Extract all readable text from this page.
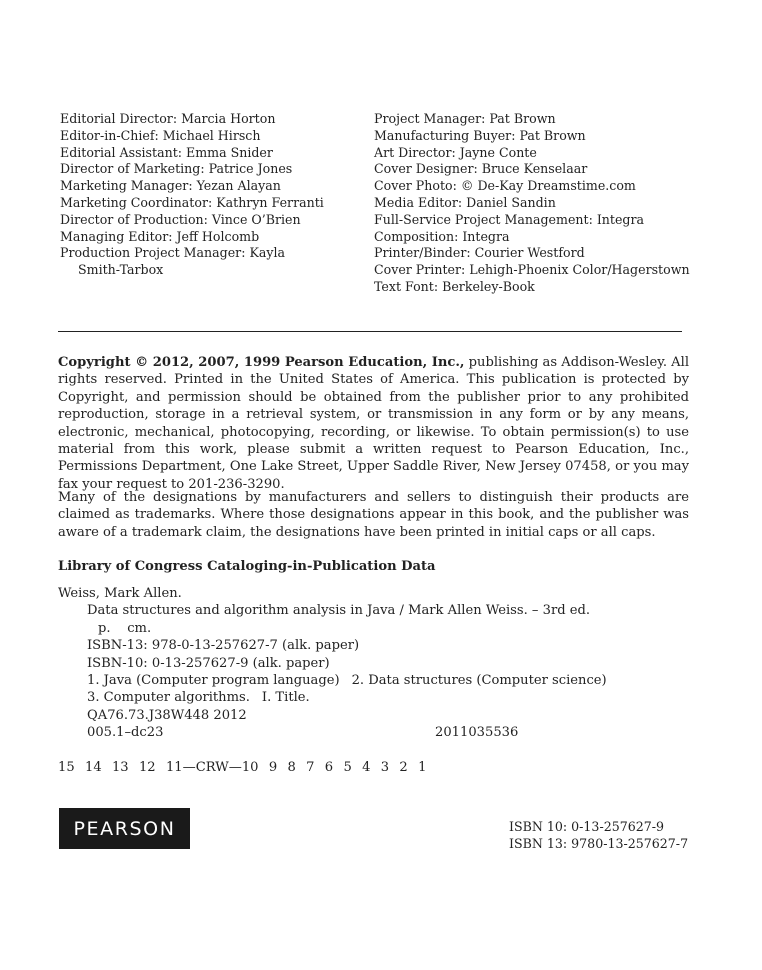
Editorial Director: Marcia Horton
Editor-in-Chief: Michael Hirsch
Editorial Assistant: Emma Snider
Director of Marketing: Patrice Jones
Marketing Manager: Yezan Alayan
Marketing Coordinator: Kathryn Ferranti
Director of Production: Vince O’Brien
Managing Editor: Jeff Holcomb
Production Project Manager: Kayla
Smith-Tarbox
Project Manager: Pat Brown
Manufacturing Buyer: Pat Brown
Art Director: Jayne Conte
Cover Designer: Bruce Kenselaar
Cover Photo: © De-Kay Dreamstime.com
Media Editor: Daniel Sandin
Full-Service Project Management: Integra
Composition: Integra
Printer/Binder: Courier Westford
Cover Printer: Lehigh-Phoenix Color/Hagerstown
Text Font: Berkeley-Book
Copyright © 2012, 2007, 1999 Pearson Education, Inc., publishing as Addison-Wesley. All rights reserved. Printed in the United States of America. This publication is protected by Copyright, and permission should be obtained from the publisher prior to any prohibited reproduction, storage in a retrieval system, or transmission in any form or by any means, electronic, mechanical, photocopying, recording, or likewise. To obtain permission(s) to use material from this work, please submit a written request to Pearson Education, Inc., Permissions Department, One Lake Street, Upper Saddle River, New Jersey 07458, or you may fax your request to 201-236-3290.
Many of the designations by manufacturers and sellers to distinguish their products are claimed as trademarks. Where those designations appear in this book, and the publisher was aware of a trademark claim, the designations have been printed in initial caps or all caps.
Library of Congress Cataloging-in-Publication Data
Weiss, Mark Allen.
Data structures and algorithm analysis in Java / Mark Allen Weiss. – 3rd ed.
p.    cm.
ISBN-13: 978-0-13-257627-7 (alk. paper)
ISBN-10: 0-13-257627-9 (alk. paper)
1. Java (Computer program language) 2. Data structures (Computer science)
3. Computer algorithms. I. Title.
QA76.73.J38W448 2012
005.1–dc23	2011035536
15  14  13  12  11—CRW—10  9  8  7  6  5  4  3  2  1
PEARSON	ISBN 10: 0-13-257627-9
ISBN 13: 9780-13-257627-7
